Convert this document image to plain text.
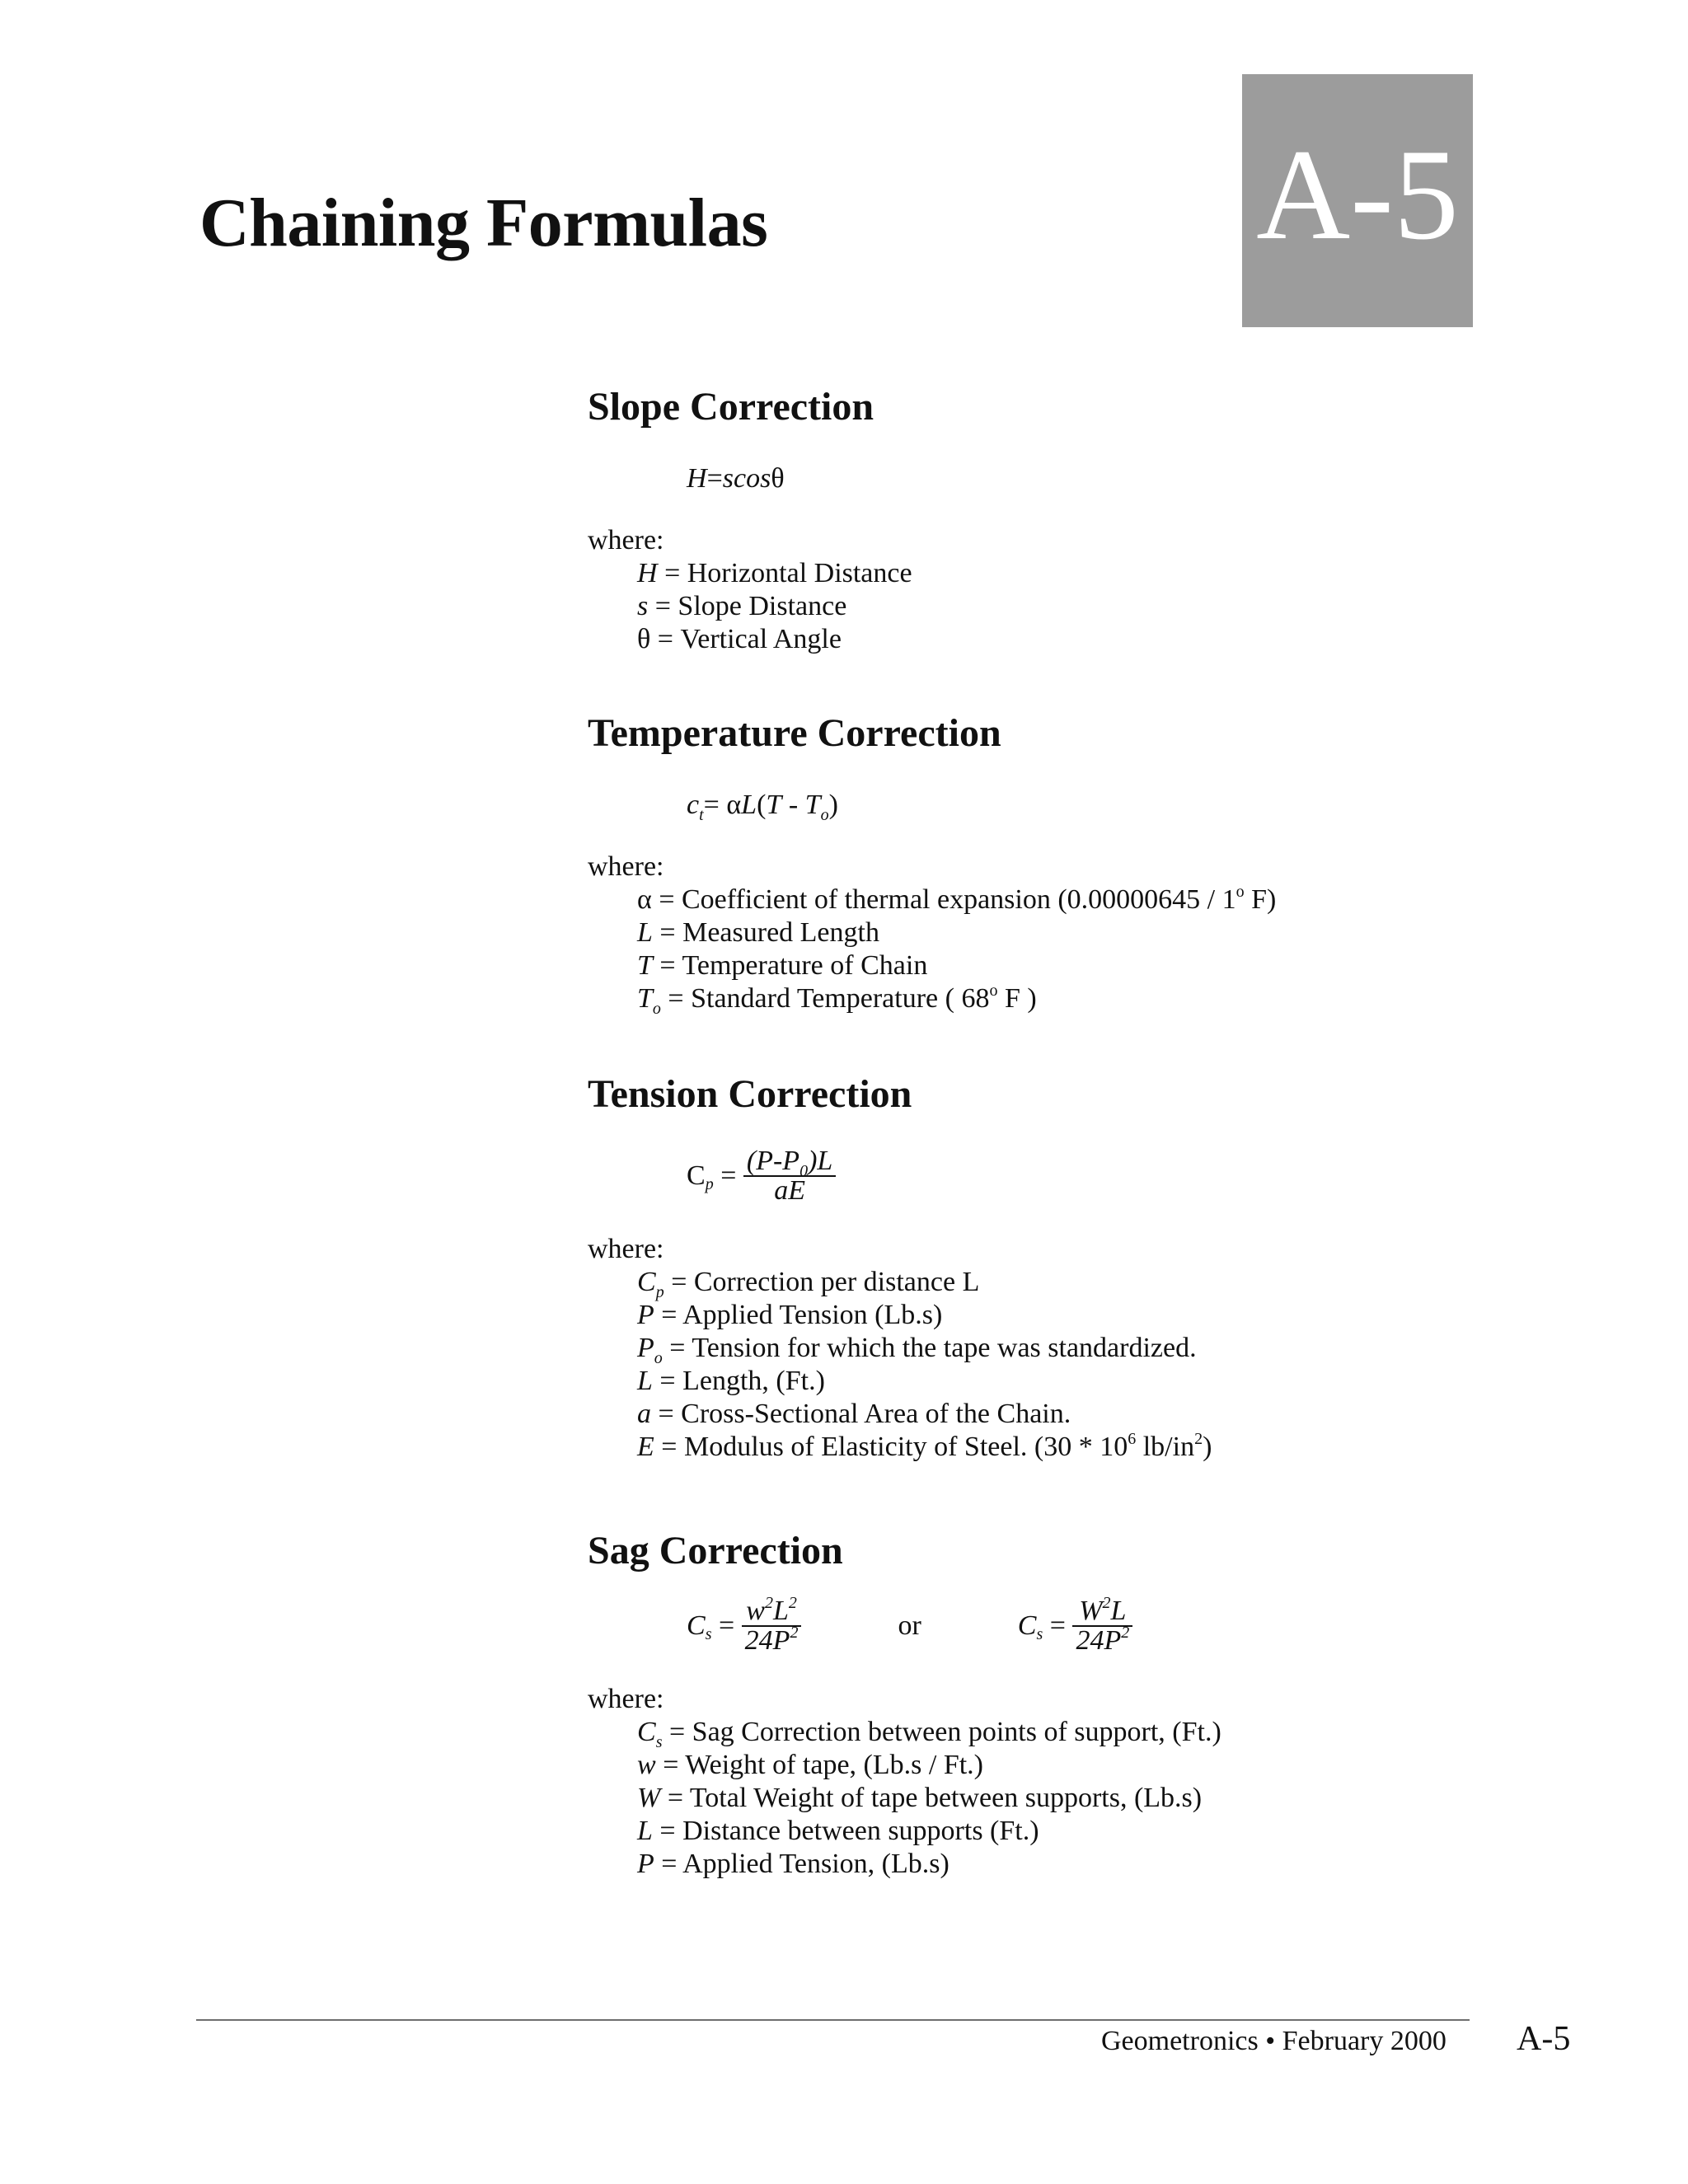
Chaining Formulas	A-5
Slope Correction
H=scosθ

where:

H = Horizontal Distance
s = Slope Distance
θ = Vertical Angle
Temperature Correction
$c_t= \alpha L(T - T_o)$

where:

α = Coefficient of thermal expansion (0.00000645 / 1$^o$ F)
L = Measured Length
T = Temperature of Chain
$T_o$ = Standard Temperature ( 68$^o$ F )
Tension Correction
$C_p = \frac{(P-P_0)L}{aE}$

where:

$C_p$ = Correction per distance L
P = Applied Tension (Lb.s)
$P_o$ = Tension for which the tape was standardized.
L = Length, (Ft.)
a = Cross-Sectional Area of the Chain.
E = Modulus of Elasticity of Steel. ($30 * 10^6$ $lb/in^2$)
Sag Correction
$C_s = \frac{w^2L^2}{24P^2}$	or	$C_s = \frac{W^2L}{24P^2}$

where:

$C_s$ = Sag Correction between points of support, (Ft.)
w = Weight of tape, (Lb.s / Ft.)
W = Total Weight of tape between supports, (Lb.s)
L = Distance between supports (Ft.)
P = Applied Tension, (Lb.s)
Geometronics • February 2000 A-5
